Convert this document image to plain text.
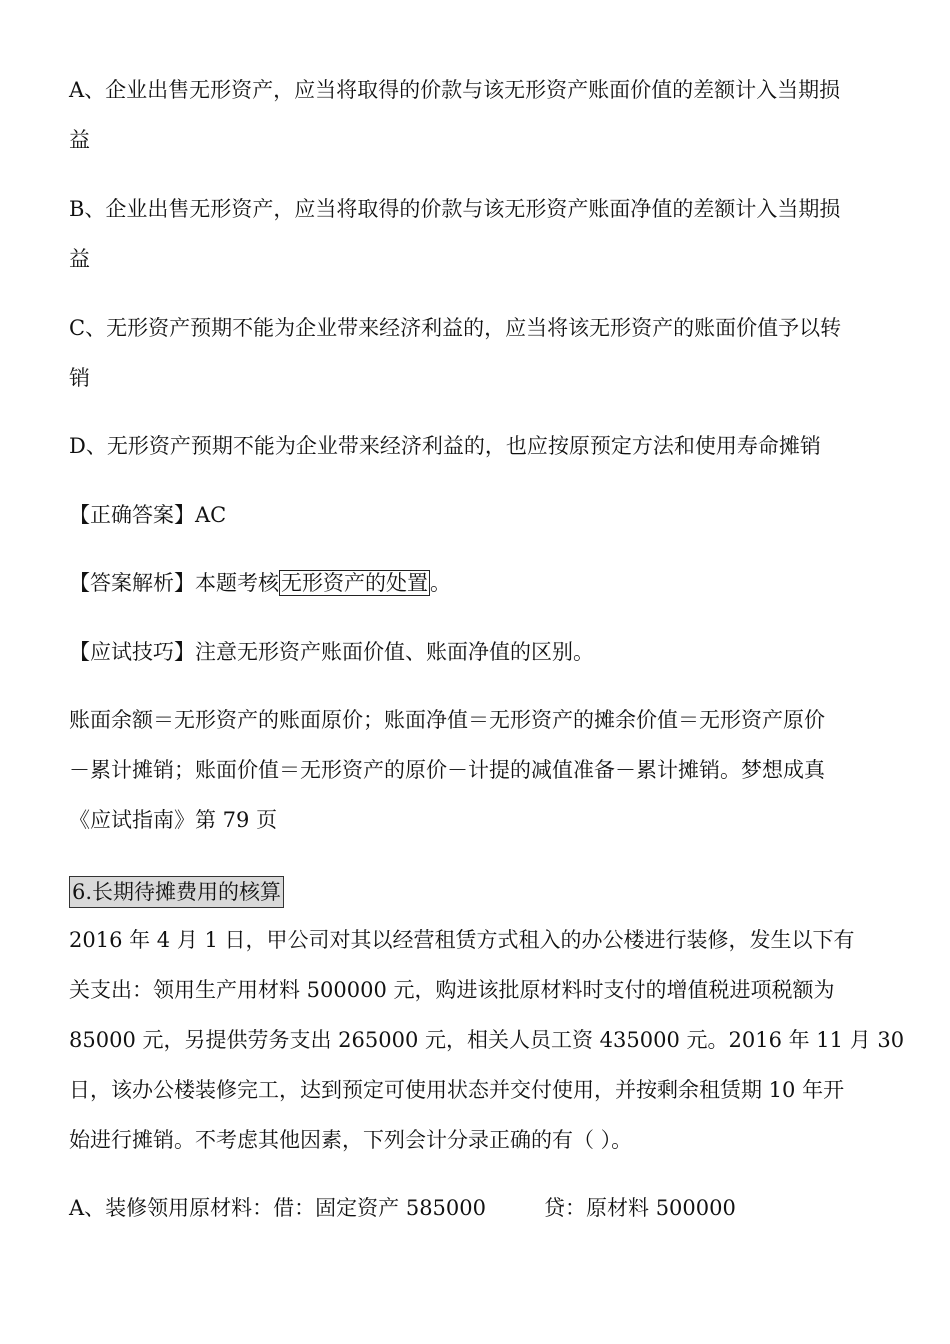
A、企业出售无形资产，应当将取得的价款与该无形资产账面价值的差额计入当期损
益
B、企业出售无形资产，应当将取得的价款与该无形资产账面净值的差额计入当期损
益
C、无形资产预期不能为企业带来经济利益的，应当将该无形资产的账面价值予以转
销
D、无形资产预期不能为企业带来经济利益的，也应按原预定方法和使用寿命摊销
【正确答案】AC
【答案解析】本题考核无形资产的处置。
【应试技巧】注意无形资产账面价值、账面净值的区别。
账面余额＝无形资产的账面原价；账面净值＝无形资产的摊余价值＝无形资产原价
－累计摊销；账面价值＝无形资产的原价－计提的减值准备－累计摊销。梦想成真
《应试指南》第 79 页
6.长期待摊费用的核算
2016 年 4 月 1 日，甲公司对其以经营租赁方式租入的办公楼进行装修，发生以下有
关支出：领用生产用材料 500000 元，购进该批原材料时支付的增值税进项税额为
85000 元，另提供劳务支出 265000 元，相关人员工资 435000 元。2016 年 11 月 30
日，该办公楼装修完工，达到预定可使用状态并交付使用，并按剩余租赁期 10 年开
始进行摊销。不考虑其他因素，下列会计分录正确的有（ ）。
A、装修领用原材料：借：固定资产 585000	贷：原材料 500000
